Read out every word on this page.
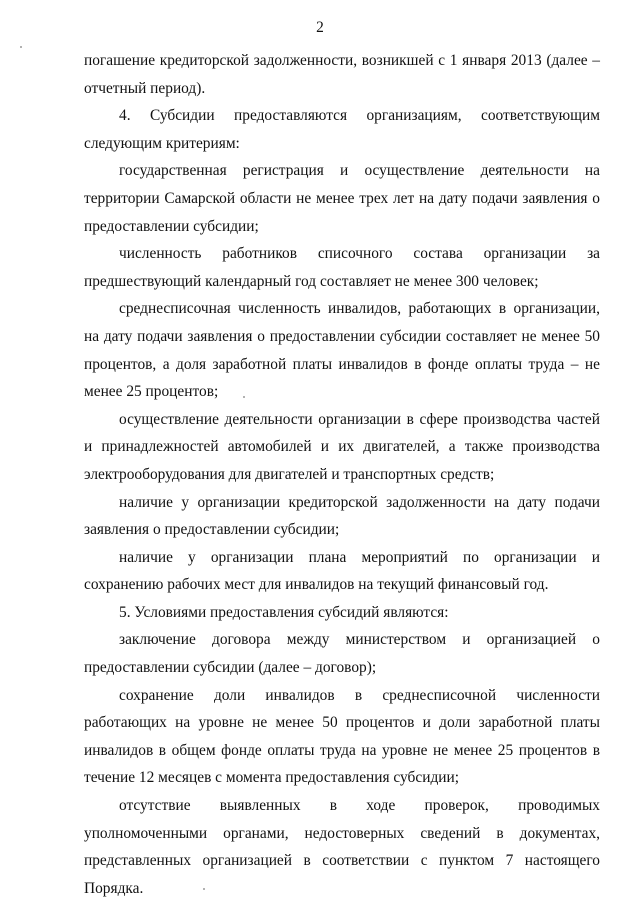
2

погашение кредиторской задолженности, возникшей с 1 января 2013 (далее – отчетный период).

4. Субсидии предоставляются организациям, соответствующим следующим критериям:

государственная регистрация и осуществление деятельности на территории Самарской области не менее трех лет на дату подачи заявления о предоставлении субсидии;

численность работников списочного состава организации за предшествующий календарный год составляет не менее 300 человек;

среднесписочная численность инвалидов, работающих в организации, на дату подачи заявления о предоставлении субсидии составляет не менее 50 процентов, а доля заработной платы инвалидов в фонде оплаты труда – не менее 25 процентов;

осуществление деятельности организации в сфере производства частей и принадлежностей автомобилей и их двигателей, а также производства электрооборудования для двигателей и транспортных средств;

наличие у организации кредиторской задолженности на дату подачи заявления о предоставлении субсидии;

наличие у организации плана мероприятий по организации и сохранению рабочих мест для инвалидов на текущий финансовый год.

5. Условиями предоставления субсидий являются:

заключение договора между министерством и организацией о предоставлении субсидии (далее – договор);

сохранение доли инвалидов в среднесписочной численности работающих на уровне не менее 50 процентов и доли заработной платы инвалидов в общем фонде оплаты труда на уровне не менее 25 процентов в течение 12 месяцев с момента предоставления субсидии;

отсутствие выявленных в ходе проверок, проводимых уполномоченными органами, недостоверных сведений в документах, представленных организацией в соответствии с пунктом 7 настоящего Порядка.
